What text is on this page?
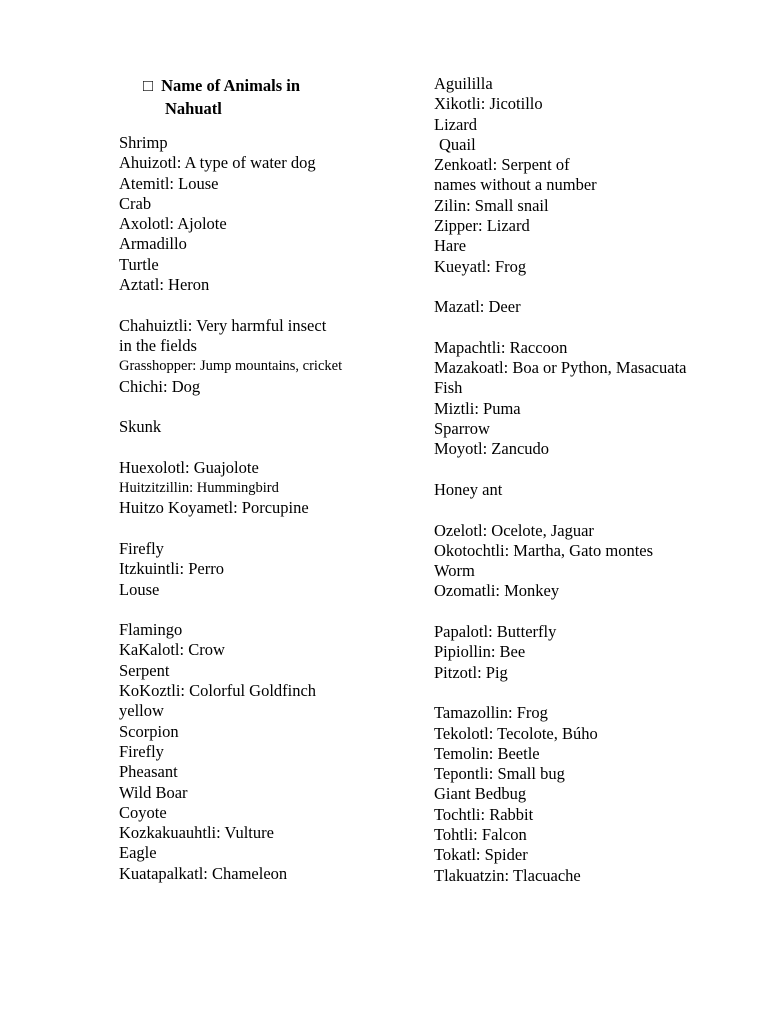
□ Name of Animals in
Nahuatl
Shrimp
Ahuizotl: A type of water dog
Atemitl: Louse
Crab
Axolotl: Ajolote
Armadillo
Turtle
Aztatl: Heron
Chahuiztli: Very harmful insect
in the fields
Grasshopper: Jump mountains, cricket
Chichi: Dog
Skunk
Huexolotl: Guajolote
Huitzitzillin: Hummingbird
Huitzo Koyametl: Porcupine
Firefly
Itzkuintli: Perro
Louse
Flamingo
KaKalotl: Crow
Serpent
KoKoztli: Colorful Goldfinch
yellow
Scorpion
Firefly
Pheasant
Wild Boar
Coyote
Kozkakuauhtli: Vulture
Eagle
Kuatapalkatl: Chameleon
Aguililla
Xikotli: Jicotillo
Lizard
Quail
Zenkoatl: Serpent of
names without a number
Zilin: Small snail
Zipper: Lizard
Hare
Kueyatl: Frog
Mazatl: Deer
Mapachtli: Raccoon
Mazakoatl: Boa or Python, Masacuata
Fish
Miztli: Puma
Sparrow
Moyotl: Zancudo
Honey ant
Ozelotl: Ocelote, Jaguar
Okotochtli: Martha, Gato montes
Worm
Ozomatli: Monkey
Papalotl: Butterfly
Pipiollin: Bee
Pitzotl: Pig
Tamazollin: Frog
Tekolotl: Tecolote, Búho
Temolin: Beetle
Tepontli: Small bug
Giant Bedbug
Tochtli: Rabbit
Tohtli: Falcon
Tokatl: Spider
Tlakuatzin: Tlacuache
